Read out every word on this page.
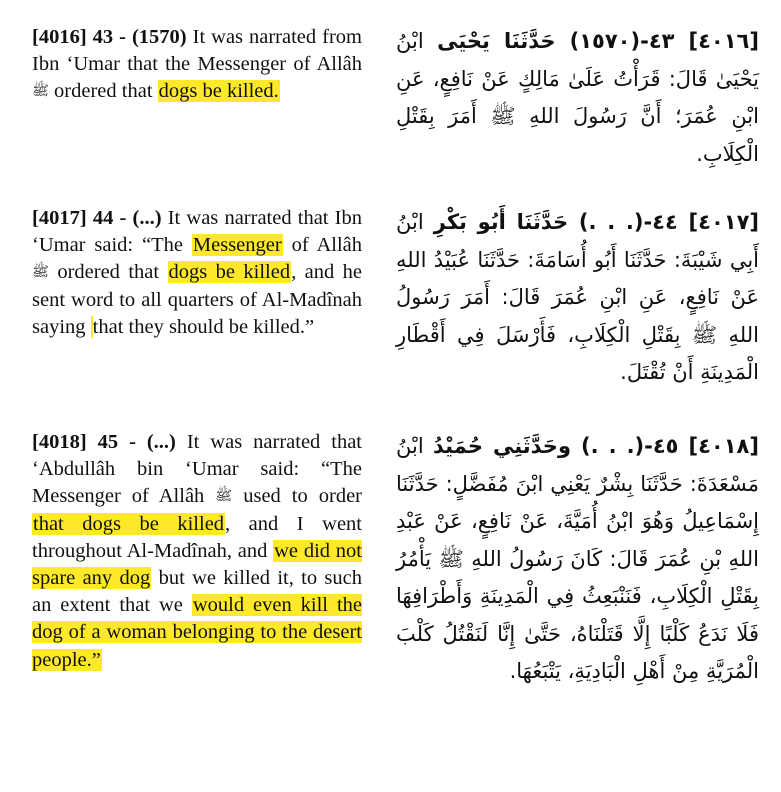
[4016] 43 - (1570) It was narrated from Ibn ‘Umar that the Messenger of Allâh ﷺ ordered that dogs be killed.
[٤٠١٦] ٤٣-(١٥٧٠) حَدَّثَنَا يَحْيَى ابْنُ يَحْيَىٰ قَالَ: قَرَأْتُ عَلَىٰ مَالِكٍ عَنْ نَافِعٍ، عَنِ ابْنِ عُمَرَ؛ أَنَّ رَسُولَ اللهِ ﷺ أَمَرَ بِقَتْلِ الْكِلَابِ.
[4017] 44 - (...) It was narrated that Ibn ‘Umar said: “The Messenger of Allâh ﷺ ordered that dogs be killed, and he sent word to all quarters of Al-Madînah saying that they should be killed.”
[٤٠١٧] ٤٤-(. . .) حَدَّثَنَا أَبُو بَكْرِ ابْنُ أَبِي شَيْبَةَ: حَدَّثَنَا أَبُو أُسَامَةَ: حَدَّثَنَا عُبَيْدُ اللهِ عَنْ نَافِعٍ، عَنِ ابْنِ عُمَرَ قَالَ: أَمَرَ رَسُولُ اللهِ ﷺ بِقَتْلِ الْكِلَابِ، فَأَرْسَلَ فِي أَقْطَارِ الْمَدِينَةِ أَنْ تُقْتَلَ.
[4018] 45 - (...) It was narrated that ‘Abdullâh bin ‘Umar said: “The Messenger of Allâh ﷺ used to order that dogs be killed, and I went throughout Al-Madînah, and we did not spare any dog but we killed it, to such an extent that we would even kill the dog of a woman belonging to the desert people.”
[٤٠١٨] ٤٥-(. . .) وحَدَّثَنِي حُمَيْدُ ابْنُ مَسْعَدَةَ: حَدَّثَنَا بِشْرٌ يَعْنِي ابْنَ مُفَضَّلٍ: حَدَّثَنَا إِسْمَاعِيلُ وَهُوَ ابْنُ أُمَيَّةَ، عَنْ نَافِعٍ، عَنْ عَبْدِ اللهِ بْنِ عُمَرَ قَالَ: كَانَ رَسُولُ اللهِ ﷺ يَأْمُرُ بِقَتْلِ الْكِلَابِ، فَنَنْبَعِثُ فِي الْمَدِينَةِ وَأَطْرَافِهَا فَلَا نَدَعُ كَلْبًا إِلَّا قَتَلْنَاهُ، حَتَّىٰ إِنَّا لَنَقْتُلُ كَلْبَ الْمُرَيَّةِ مِنْ أَهْلِ الْبَادِيَةِ، يَتْبَعُهَا.
